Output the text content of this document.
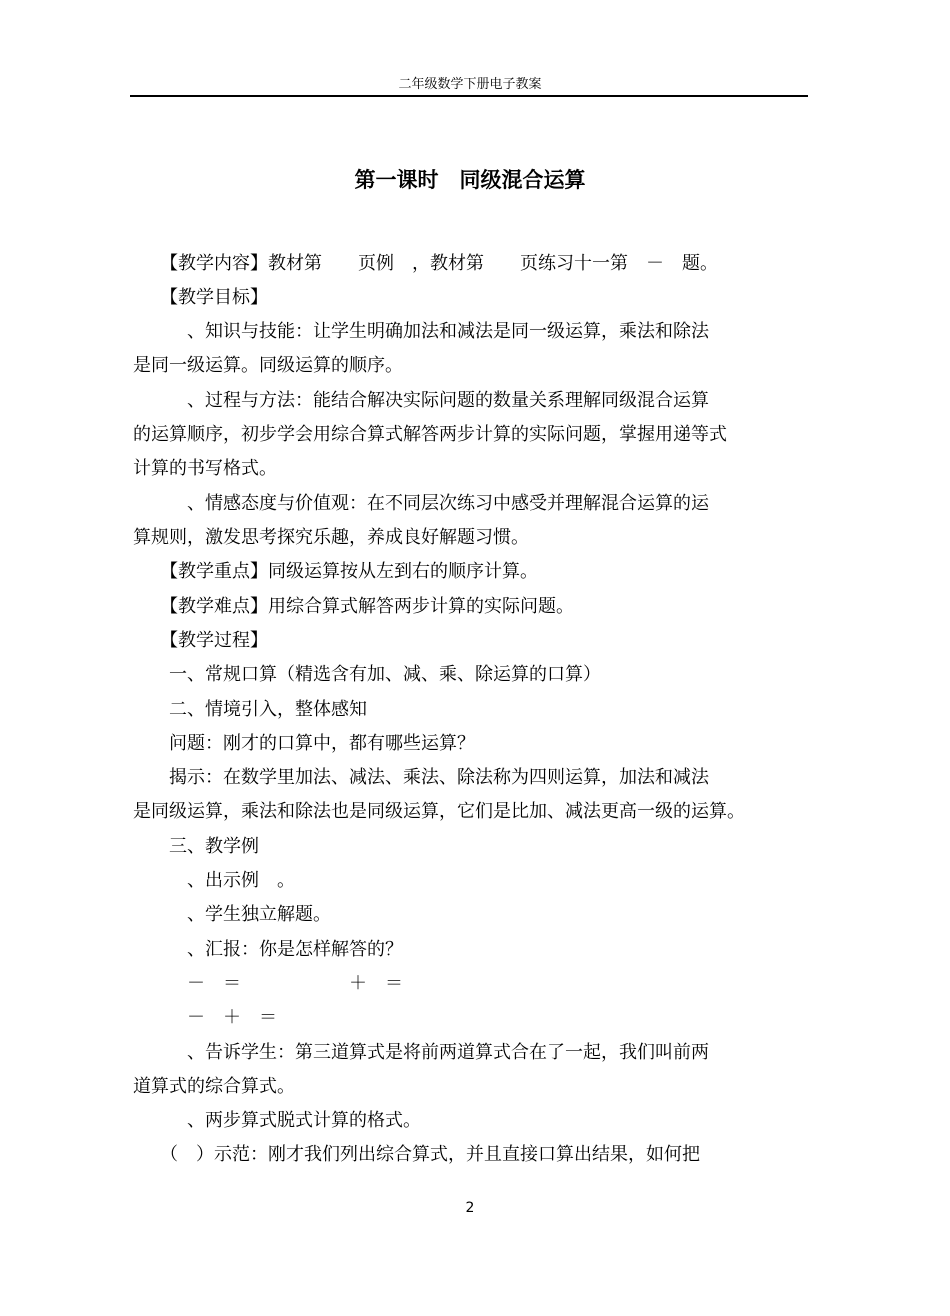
二年级数学下册电子教案
第一课时　同级混合运算
　　【教学内容】教材第　　页例　，教材第　　页练习十一第　－　题。
　　【教学目标】
　　　、知识与技能：让学生明确加法和减法是同一级运算，乘法和除法
是同一级运算。同级运算的顺序。
　　　、过程与方法：能结合解决实际问题的数量关系理解同级混合运算
的运算顺序，初步学会用综合算式解答两步计算的实际问题，掌握用递等式
计算的书写格式。
　　　、情感态度与价值观：在不同层次练习中感受并理解混合运算的运
算规则，激发思考探究乐趣，养成良好解题习惯。
　　【教学重点】同级运算按从左到右的顺序计算。
　　【教学难点】用综合算式解答两步计算的实际问题。
　　【教学过程】
　　一、常规口算（精选含有加、减、乘、除运算的口算）
　　二、情境引入，整体感知
　　问题：刚才的口算中，都有哪些运算？
　　揭示：在数学里加法、减法、乘法、除法称为四则运算，加法和减法
是同级运算，乘法和除法也是同级运算，它们是比加、减法更高一级的运算。
　　三、教学例
　　　、出示例　。
　　　、学生独立解题。
　　　、汇报：你是怎样解答的？
　　　－　＝　　　　　　＋　＝
　　　－　＋　＝
　　　、告诉学生：第三道算式是将前两道算式合在了一起，我们叫前两
道算式的综合算式。
　　　、两步算式脱式计算的格式。
　　（　）示范：刚才我们列出综合算式，并且直接口算出结果，如何把
2
